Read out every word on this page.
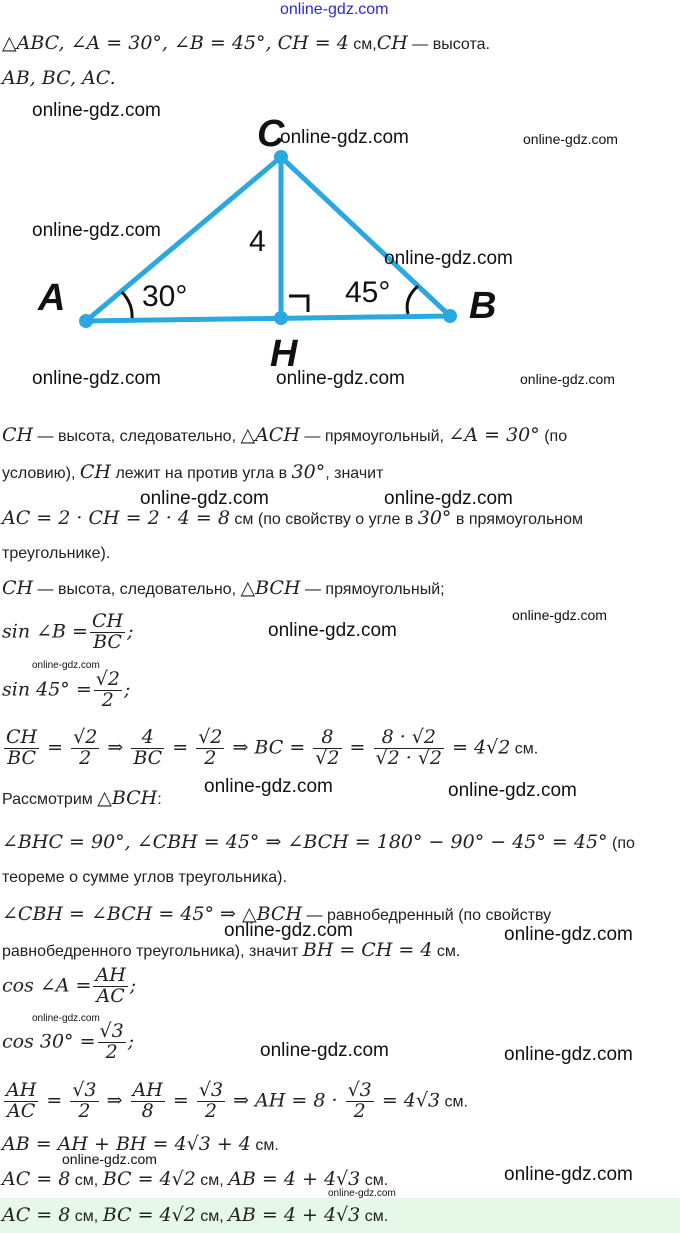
online-gdz.com
△ABC, ∠A = 30°, ∠B = 45°, CH = 4 см,CH — высота.
AB, BC, AC.
A	B
C
H
4
30°	45°
CH — высота, следовательно, △ACH — прямоугольный, ∠A = 30° (по
условию), CH лежит на против угла в 30°, значит
AC = 2 · CH = 2 · 4 = 8 см (по свойству о угле в 30° в прямоугольном
треугольнике).
CH — высота, следовательно, △BCH — прямоугольный;
sin ∠B = $\frac{CH}{BC}$ ;
$\sin 45^\circ = \frac{√2}{2}$ ;
$\frac{CH}{BC} = \frac{√2}{2}$ ⇒ $\frac{4}{BC} = \frac{√2}{2}$ ⇒ BC = $\frac{8}{√2} = \frac{8 \cdot √2}{√2 \cdot √2} = 4√2$ см.
Рассмотрим △BCH:
∠BHC = 90°, ∠CBH = 45° ⇒ ∠BCH = 180° − 90° − 45° = 45° (по
теореме о сумме углов треугольника).
∠CBH = ∠BCH = 45° ⇒ △BCH — равнобедренный (по свойству
равнобедренного треугольника), значит BH = CH = 4 см.
cos ∠A = $\frac{AH}{AC}$ ;
$\cos 30^\circ = \frac{√3}{2}$ ;
$\frac{AH}{AC} = \frac{√3}{2}$ ⇒ $\frac{AH}{8} = \frac{√3}{2}$ ⇒ AH = $8 \cdot \frac{√3}{2} = 4√3$ см.
AB = AH + BH = 4√3 + 4 см.
AC = 8 см, BC = 4√2 см, AB = 4 + 4√3 см.
AC = 8 см, BC = 4√2 см, AB = 4 + 4√3 см.
online-gdz.com
online-gdz.com	online-gdz.com
online-gdz.com
online-gdz.com
online-gdz.com	online-gdz.com	online-gdz.com
online-gdz.com	online-gdz.com
online-gdz.com
online-gdz.com
online-gdz.com
online-gdz.com	online-gdz.com
online-gdz.com	online-gdz.com
online-gdz.com
online-gdz.com	online-gdz.com
online-gdz.com
online-gdz.com
online-gdz.com
